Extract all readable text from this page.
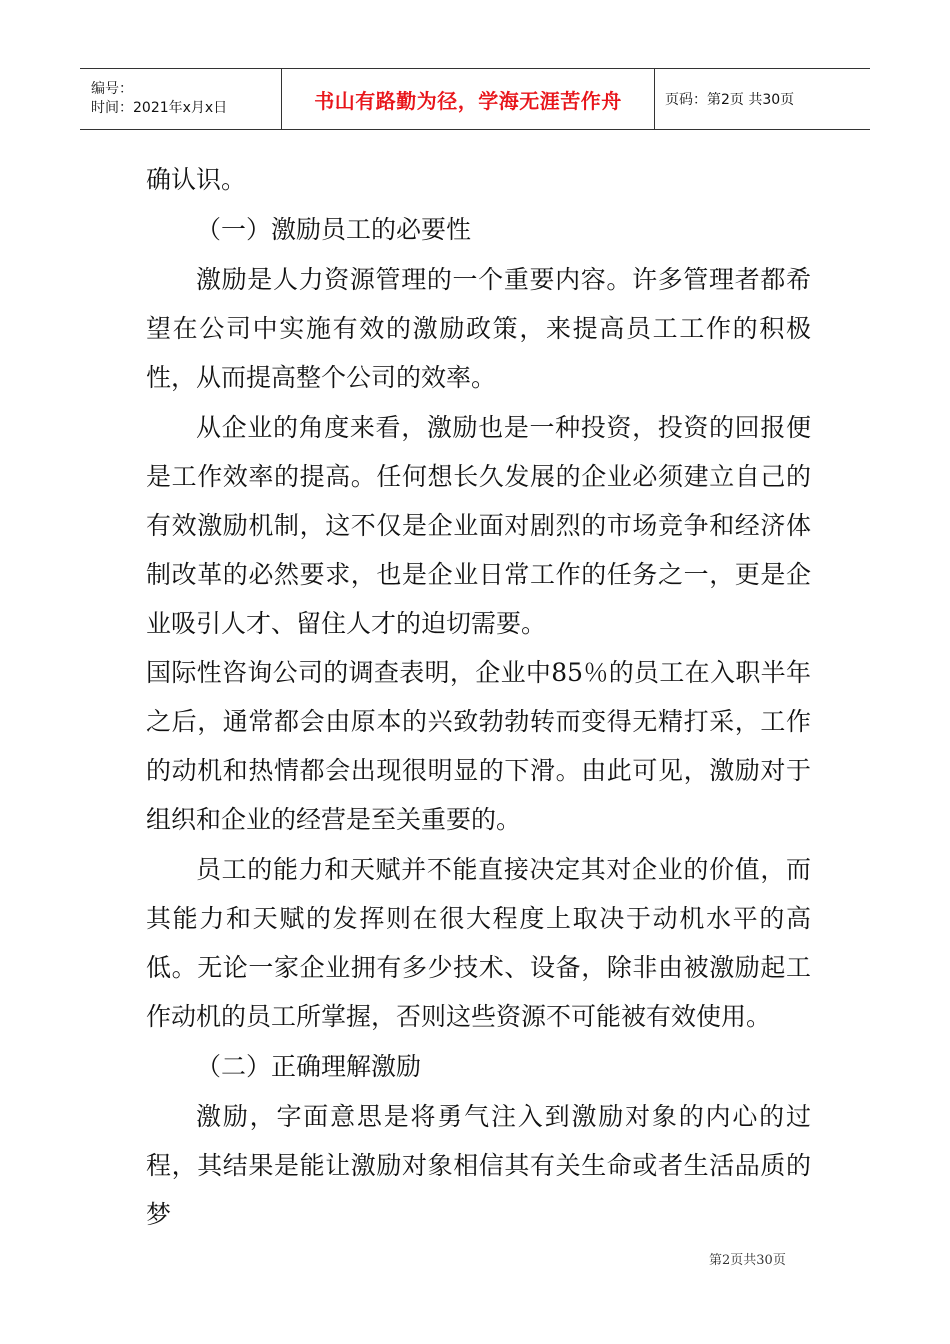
编号：
时间：2021年x月x日	书山有路勤为径，学海无涯苦作舟	页码：第2页 共30页

确认识。

（一）激励员工的必要性

激励是人力资源管理的一个重要内容。许多管理者都希望在公司中实施有效的激励政策，来提高员工工作的积极性，从而提高整个公司的效率。

从企业的角度来看，激励也是一种投资，投资的回报便是工作效率的提高。任何想长久发展的企业必须建立自己的有效激励机制，这不仅是企业面对剧烈的市场竞争和经济体制改革的必然要求，也是企业日常工作的任务之一，更是企业吸引人才、留住人才的迫切需要。

国际性咨询公司的调查表明，企业中85％的员工在入职半年之后，通常都会由原本的兴致勃勃转而变得无精打采，工作的动机和热情都会出现很明显的下滑。由此可见，激励对于组织和企业的经营是至关重要的。

员工的能力和天赋并不能直接决定其对企业的价值，而其能力和天赋的发挥则在很大程度上取决于动机水平的高低。无论一家企业拥有多少技术、设备，除非由被激励起工作动机的员工所掌握，否则这些资源不可能被有效使用。

（二）正确理解激励

激励，字面意思是将勇气注入到激励对象的内心的过程，其结果是能让激励对象相信其有关生命或者生活品质的梦

第2页共30页
